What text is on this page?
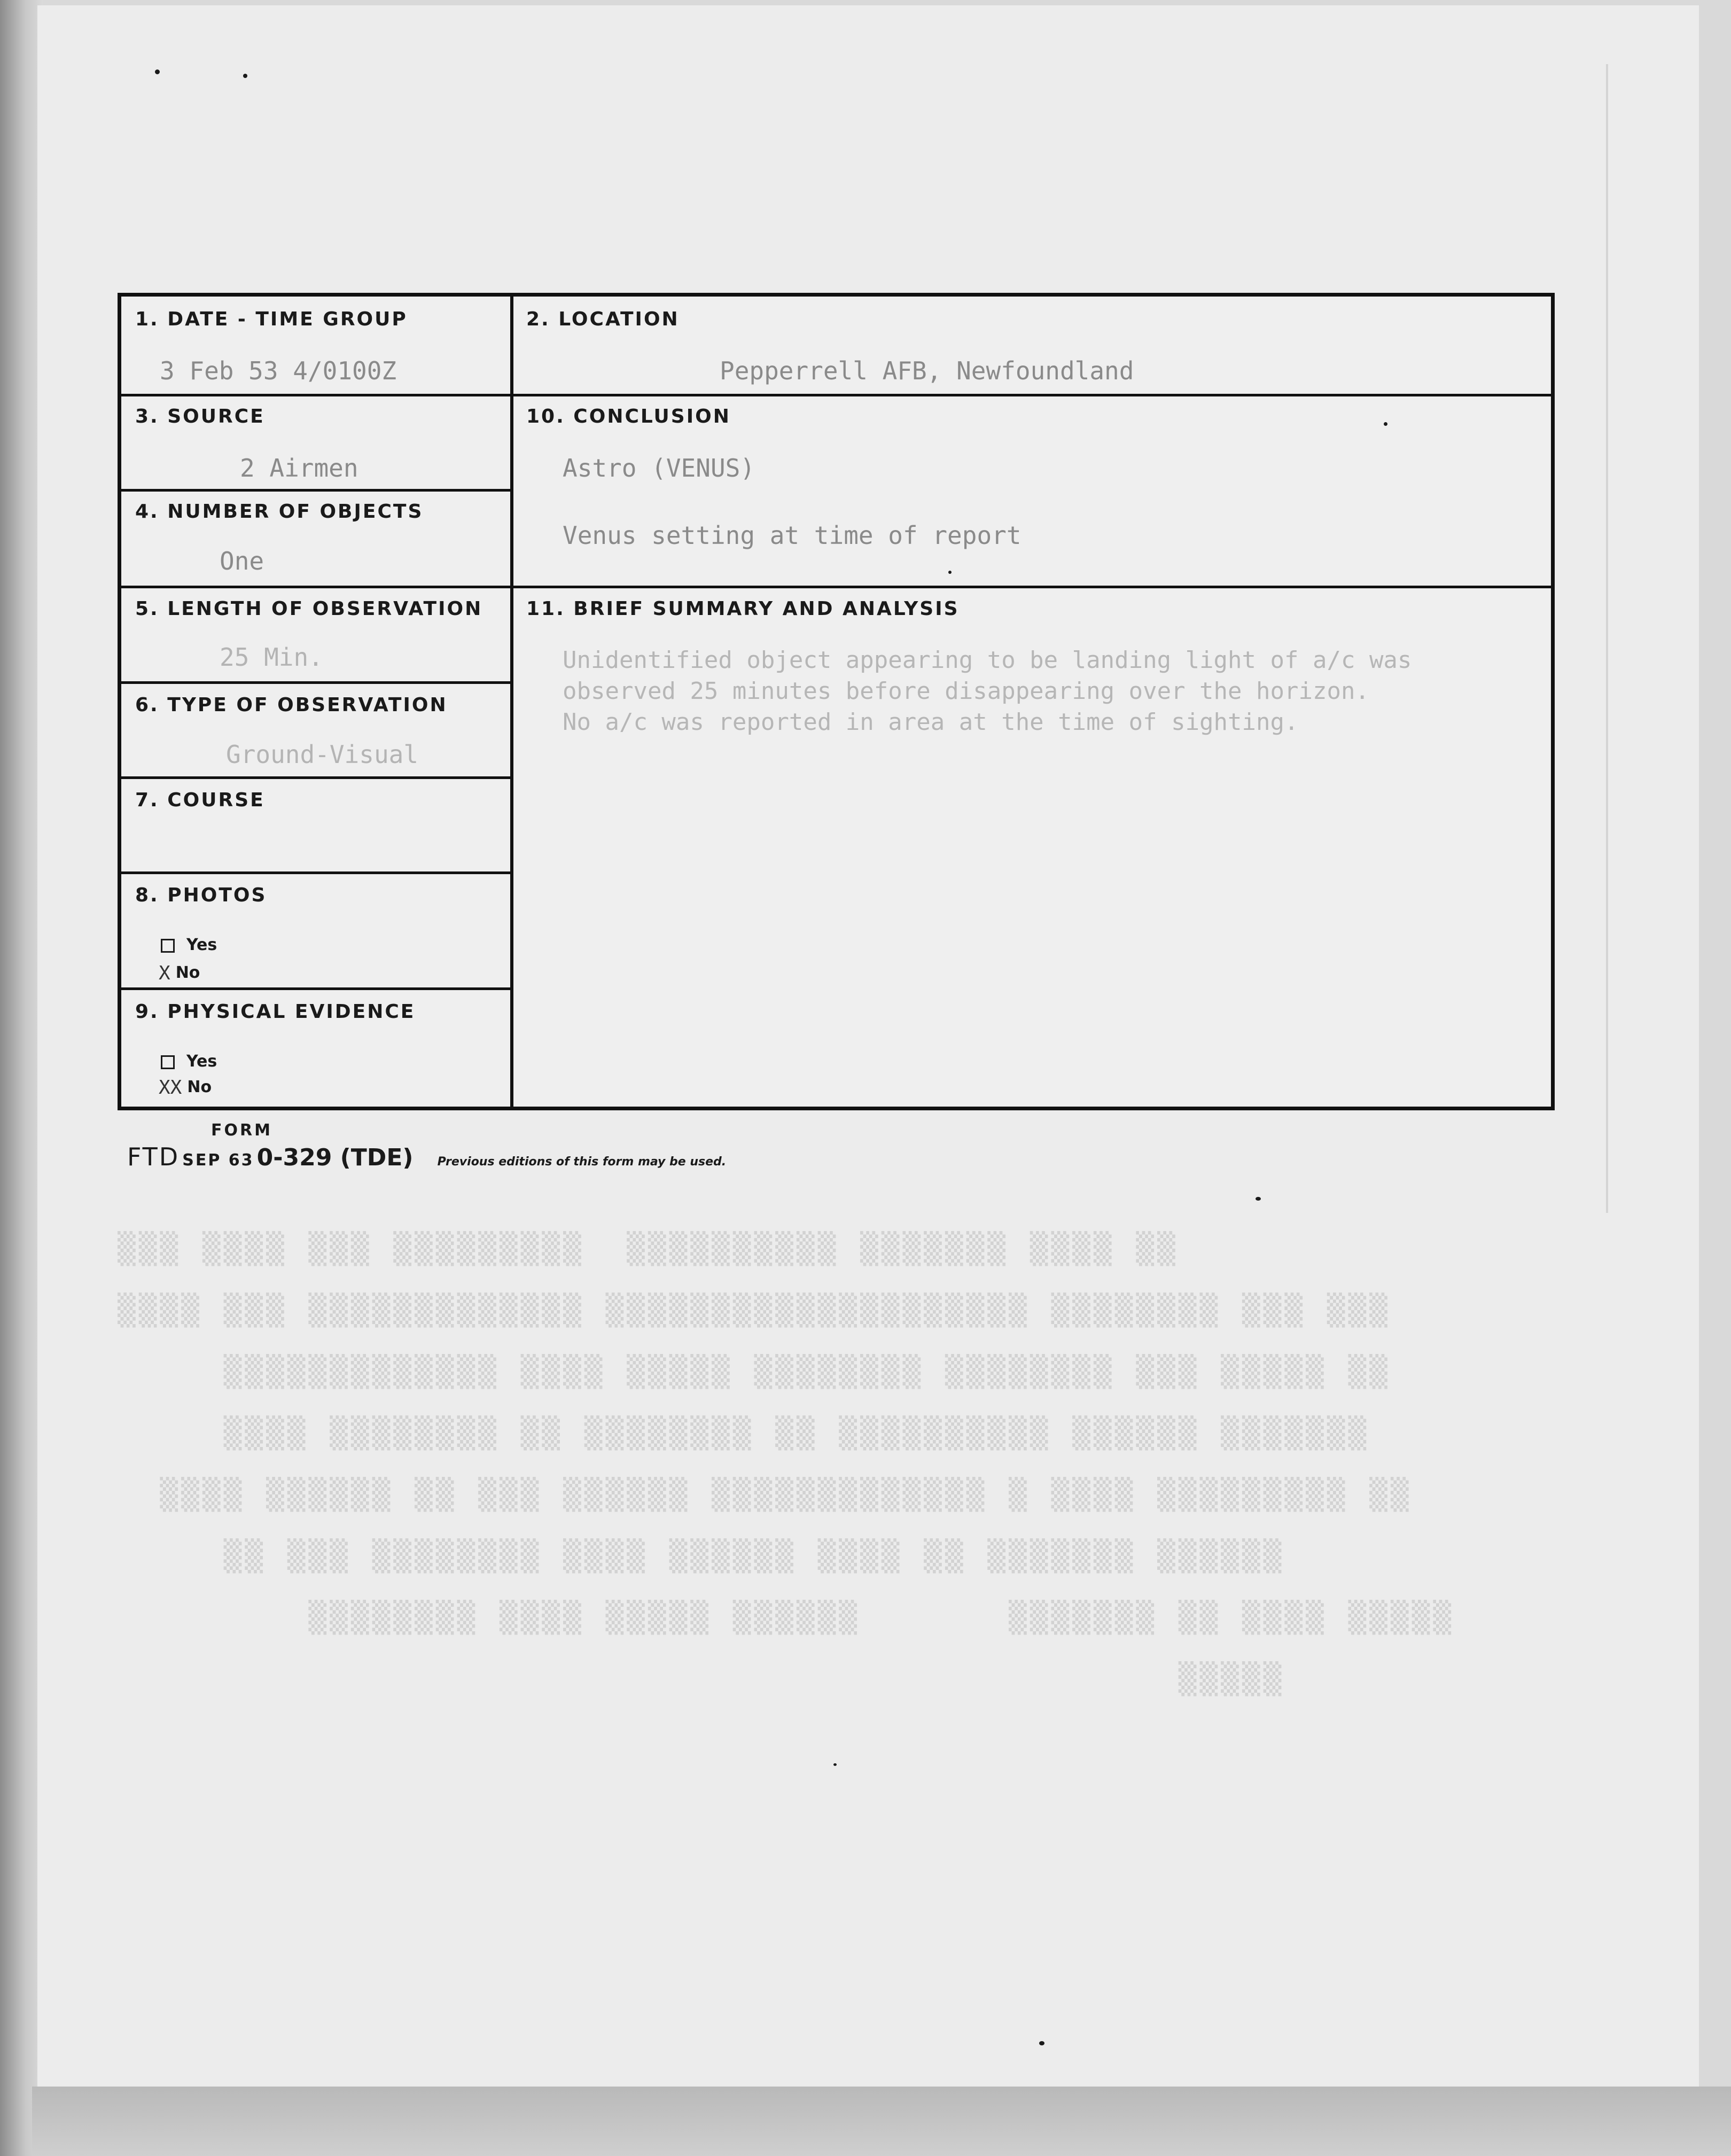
▒▒▒ ▒▒▒▒ ▒▒▒ ▒▒▒▒▒▒▒▒▒  ▒▒▒▒▒▒▒▒▒▒ ▒▒▒▒▒▒▒ ▒▒▒▒ ▒▒
▒▒▒▒ ▒▒▒ ▒▒▒▒▒▒▒▒▒▒▒▒▒ ▒▒▒▒▒▒▒▒▒▒▒▒▒▒▒▒▒▒▒▒ ▒▒▒▒▒▒▒▒ ▒▒▒ ▒▒▒
▒▒▒▒▒▒▒▒▒▒▒▒▒ ▒▒▒▒ ▒▒▒▒▒ ▒▒▒▒▒▒▒▒ ▒▒▒▒▒▒▒▒ ▒▒▒ ▒▒▒▒▒ ▒▒
▒▒▒▒ ▒▒▒▒▒▒▒▒ ▒▒ ▒▒▒▒▒▒▒▒ ▒▒ ▒▒▒▒▒▒▒▒▒▒ ▒▒▒▒▒▒ ▒▒▒▒▒▒▒
▒▒▒▒ ▒▒▒▒▒▒ ▒▒ ▒▒▒ ▒▒▒▒▒▒ ▒▒▒▒▒▒▒▒▒▒▒▒▒ ▒ ▒▒▒▒ ▒▒▒▒▒▒▒▒▒ ▒▒
▒▒ ▒▒▒ ▒▒▒▒▒▒▒▒ ▒▒▒▒ ▒▒▒▒▒▒ ▒▒▒▒ ▒▒ ▒▒▒▒▒▒▒ ▒▒▒▒▒▒
▒▒▒▒▒▒▒▒ ▒▒▒▒ ▒▒▒▒▒ ▒▒▒▒▒▒       ▒▒▒▒▒▒▒ ▒▒ ▒▒▒▒ ▒▒▒▒▒
▒▒▒▒▒
1. DATE - TIME GROUP
3 Feb 53 4/0100Z
2. LOCATION
Pepperrell AFB, Newfoundland
3. SOURCE
2 Airmen
10. CONCLUSION
Astro (VENUS)
Venus setting at time of report
4. NUMBER OF OBJECTS
One
5. LENGTH OF OBSERVATION
25 Min.
11. BRIEF SUMMARY AND ANALYSIS
Unidentified object appearing to be landing light of a/c was
observed 25 minutes before disappearing over the horizon.
No a/c was reported in area at the time of sighting.
6. TYPE OF OBSERVATION
Ground-Visual
7. COURSE
8. PHOTOS
Yes
X No
9. PHYSICAL EVIDENCE
Yes
XX No
FORM
FTD SEP 63 0-329 (TDE) Previous editions of this form may be used.
